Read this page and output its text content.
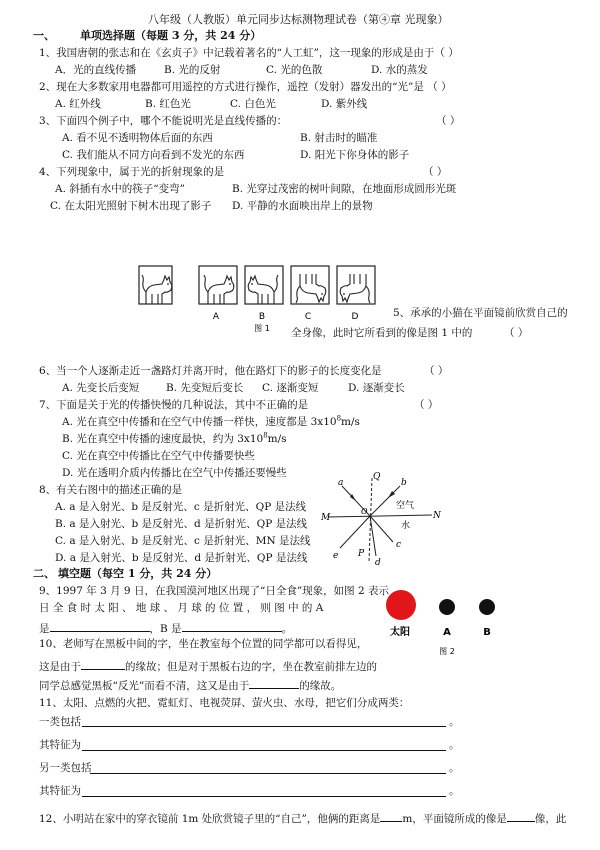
八年级（人教版）单元同步达标测物理试卷（第④章 光现象）
一、 单项选择题（每题 3 分，共 24 分）
1、我国唐朝的张志和在《玄贞子》中记载着著名的“人工虹”，这一现象的形成是由于（ ）
A．光的直线传播	B. 光的反射	C. 光的色散	D. 水的蒸发
2、现在大多数家用电器都可用遥控的方式进行操作，遥控（发射）器发出的“光”是 （ ）
A. 红外线	B. 红色光	C. 白色光	D. 紫外线
3、下面四个例子中，哪个不能说明光是直线传播的：	（ ）
A. 看不见不透明物体后面的东西	B. 射击时的瞄准
C. 我们能从不同方向看到不发光的东西	D. 阳光下你身体的影子
4、下列现象中，属于光的折射现象的是	（ ）
A. 斜插有水中的筷子“变弯”	B. 光穿过茂密的树叶间隙，在地面形成圆形光斑
C. 在太阳光照射下树木出现了影子 D. 平静的水面映出岸上的景物
A	B	C	D
图 1
5、承承的小猫在平面镜前欣赏自己的
全身像，此时它所看到的像是图 1 中的	（ ）
6、当一个人逐渐走近一盏路灯并离开时，他在路灯下的影子的长度变化是	（ ）
A. 先变长后变短	B. 先变短后变长 C. 逐渐变短	D. 逐渐变长
7、下面是关于光的传播快慢的几种说法，其中不正确的是	（ ）
A. 光在真空中传播和在空气中传播一样快，速度都是 $3x10^8m/s$
B. 光在真空中传播的速度最快，约为 $3x10^8m/s$
C. 光在真空中传播比在空气中传播要快些
D. 光在透明介质内传播比在空气中传播还要慢些
8、有关右图中的描述正确的是
A. a 是入射光、b 是反射光、c 是折射光、QP 是法线
B. a 是入射光、b 是反射光、d 是折射光、QP 是法线
C. a 是入射光、b 是反射光、c 是折射光、MN 是法线
D. a 是入射光、b 是反射光、d 是折射光、QP 是法线
a	b
c
d
e
Q
P
M	N
O
空气
水
二、 填空题（每空 1 分，共 24 分）
9、1997 年 3 月 9 日，在我国漠河地区出现了“日全食”现象，如图 2 表示
日 全 食 时 太 阳 、 地 球 、 月 球 的 位 置 ， 则 图 中 的 A
是	，B 是	。	太阳	A	B
图 2
10、老师写在黑板中间的字，坐在教室每个位置的同学都可以看得见，
这是由于	的缘故；但是对于黑板右边的字，坐在教室前排左边的
同学总感觉黑板“反光”而看不清，这又是由于	的缘故。
11、太阳、点燃的火把、霓虹灯、电视荧屏、萤火虫、水母，把它们分成两类：
一类包括	。
其特征为	。
另一类包括	。
其特征为	。
12、小明站在家中的穿衣镜前 1m 处欣赏镜子里的“自己”，他俩的距离是 m，平面镜所成的像是	像，此
